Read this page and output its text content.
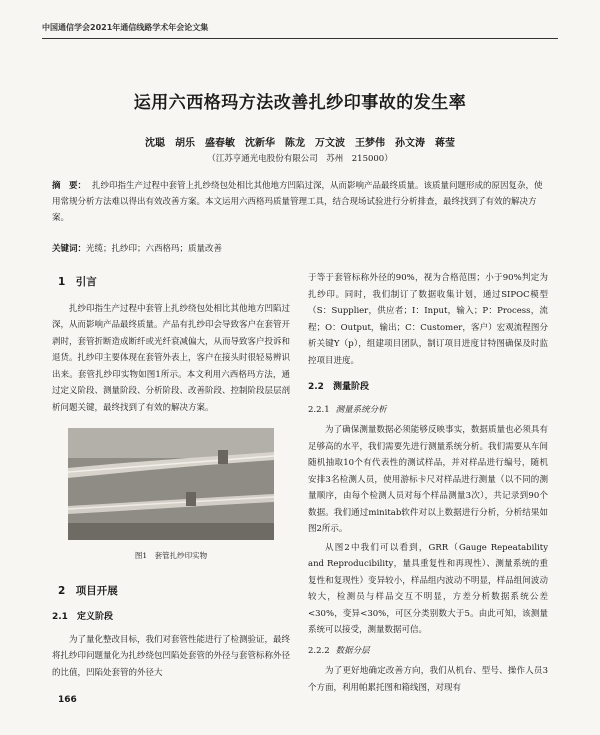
中国通信学会2021年通信线路学术年会论文集
运用六西格玛方法改善扎纱印事故的发生率
沈聪　胡乐　盛春敏　沈新华　陈龙　万文波　王梦伟　孙文涛　蒋莹
（江苏亨通光电股份有限公司　苏州　215000）
摘　要： 扎纱印指生产过程中套管上扎纱绕包处相比其他地方凹陷过深，从而影响产品最终质量。该质量问题形成的原因复杂，使用常规分析方法难以得出有效改善方案。本文运用六西格玛质量管理工具，结合现场试验进行分析排查，最终找到了有效的解决方案。
关键词：光缆；扎纱印；六西格玛；质量改善
1　引言

扎纱印指生产过程中套管上扎纱绕包处相比其他地方凹陷过深，从而影响产品最终质量。产品有扎纱印会导致客户在套管开剥时，套管折断造成断纤或光纤衰减偏大，从而导致客户投诉和退货。扎纱印主要体现在套管外表上，客户在接头时很轻易辨识出来。套管扎纱印实物如图1所示。本文利用六西格玛方法，通过定义阶段、测量阶段、分析阶段、改善阶段、控制阶段层层剖析问题关键，最终找到了有效的解决方案。

图1　套管扎纱印实物
2　项目开展
2.1　定义阶段

为了量化整改目标，我们对套管性能进行了检测验证，最终将扎纱印问题量化为扎纱绕包凹陷处套管的外径与套管标称外径的比值，凹陷处套管的外径大

于等于套管标称外径的90%，视为合格范围；小于90%判定为扎纱印。同时，我们制订了数据收集计划，通过SIPOC模型（S：Supplier，供应者；I：Input，输入；P：Process，流程；O：Output，输出；C：Customer，客户）宏观流程图分析关键Y（p），组建项目团队，制订项目进度甘特图确保及时监控项目进度。

2.2　测量阶段
2.2.1 测量系统分析

为了确保测量数据必须能够反映事实，数据质量也必须具有足够高的水平，我们需要先进行测量系统分析。我们需要从车间随机抽取10个有代表性的测试样品，并对样品进行编号，随机安排3名检测人员，使用游标卡尺对样品进行测量（以不同的测量顺序，由每个检测人员对每个样品测量3次），共记录到90个数据。我们通过minitab软件对以上数据进行分析，分析结果如图2所示。

从图2中我们可以看到，GRR（Gauge Repeatability and Reproducibility，量具重复性和再现性）、测量系统的重复性和复现性）变异较小，样品组内波动不明显，样品组间波动较大，检测员与样品交互不明显，方差分析数据系统公差<30%，变异<30%，可区分类别数大于5。由此可知，该测量系统可以接受，测量数据可信。

2.2.2 数据分层

为了更好地确定改善方向，我们从机台、型号、操作人员3个方面，利用帕累托图和箱线图，对现有

166
